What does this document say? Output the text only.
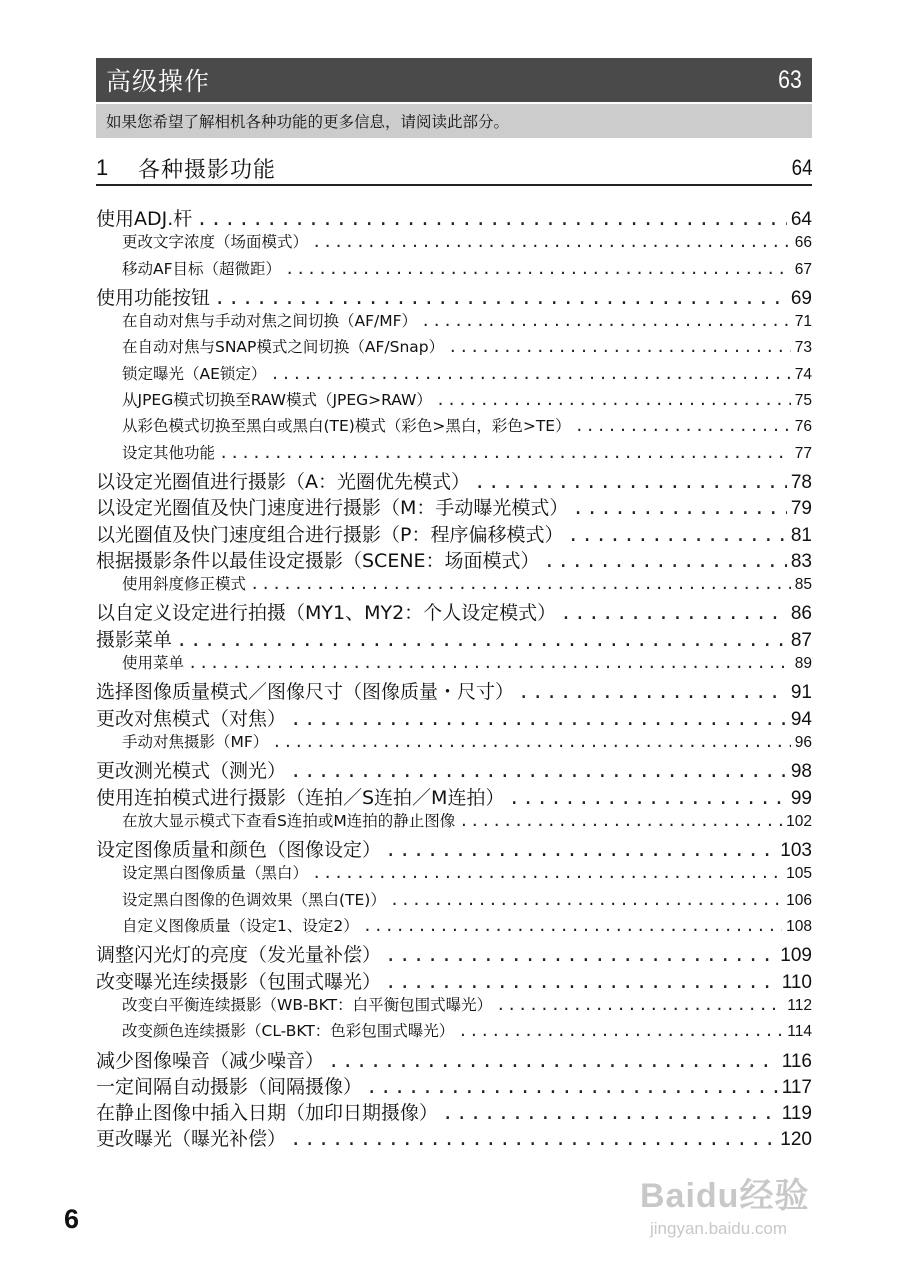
高级操作	63
如果您希望了解相机各种功能的更多信息，请阅读此部分。
1	各种摄影功能	64
使用ADJ.杆 .....	64
更改文字浓度（场面模式） .....	66
移动AF目标（超微距） .....	67
使用功能按钮 .....	69
在自动对焦与手动对焦之间切换（AF/MF） .....	71
在自动对焦与SNAP模式之间切换（AF/Snap） .....	73
锁定曝光（AE锁定） .....	74
从JPEG模式切换至RAW模式（JPEG>RAW） .....	75
从彩色模式切换至黑白或黑白(TE)模式（彩色>黑白，彩色>TE） .....	76
设定其他功能 .....	77
以设定光圈值进行摄影（A：光圈优先模式） .....	78
以设定光圈值及快门速度进行摄影（M：手动曝光模式） .....	79
以光圈值及快门速度组合进行摄影（P：程序偏移模式） .....	81
根据摄影条件以最佳设定摄影（SCENE：场面模式） .....	83
使用斜度修正模式 .....	85
以自定义设定进行拍摄（MY1、MY2：个人设定模式） .....	86
摄影菜单 .....	87
使用菜单 .....	89
选择图像质量模式／图像尺寸（图像质量・尺寸） .....	91
更改对焦模式（对焦） .....	94
手动对焦摄影（MF） .....	96
更改测光模式（测光） .....	98
使用连拍模式进行摄影（连拍／S连拍／M连拍） .....	99
在放大显示模式下查看S连拍或M连拍的静止图像 .....	102
设定图像质量和颜色（图像设定） .....	103
设定黑白图像质量（黑白） .....	105
设定黑白图像的色调效果（黑白(TE)） .....	106
自定义图像质量（设定1、设定2） .....	108
调整闪光灯的亮度（发光量补偿） .....	109
改变曝光连续摄影（包围式曝光） .....	110
改变白平衡连续摄影（WB-BKT：白平衡包围式曝光） .....	112
改变颜色连续摄影（CL-BKT：色彩包围式曝光） .....	114
减少图像噪音（减少噪音） .....	116
一定间隔自动摄影（间隔摄像） .....	117
在静止图像中插入日期（加印日期摄像） .....	119
更改曝光（曝光补偿） .....	120
6
Baidu经验
jingyan.baidu.com
